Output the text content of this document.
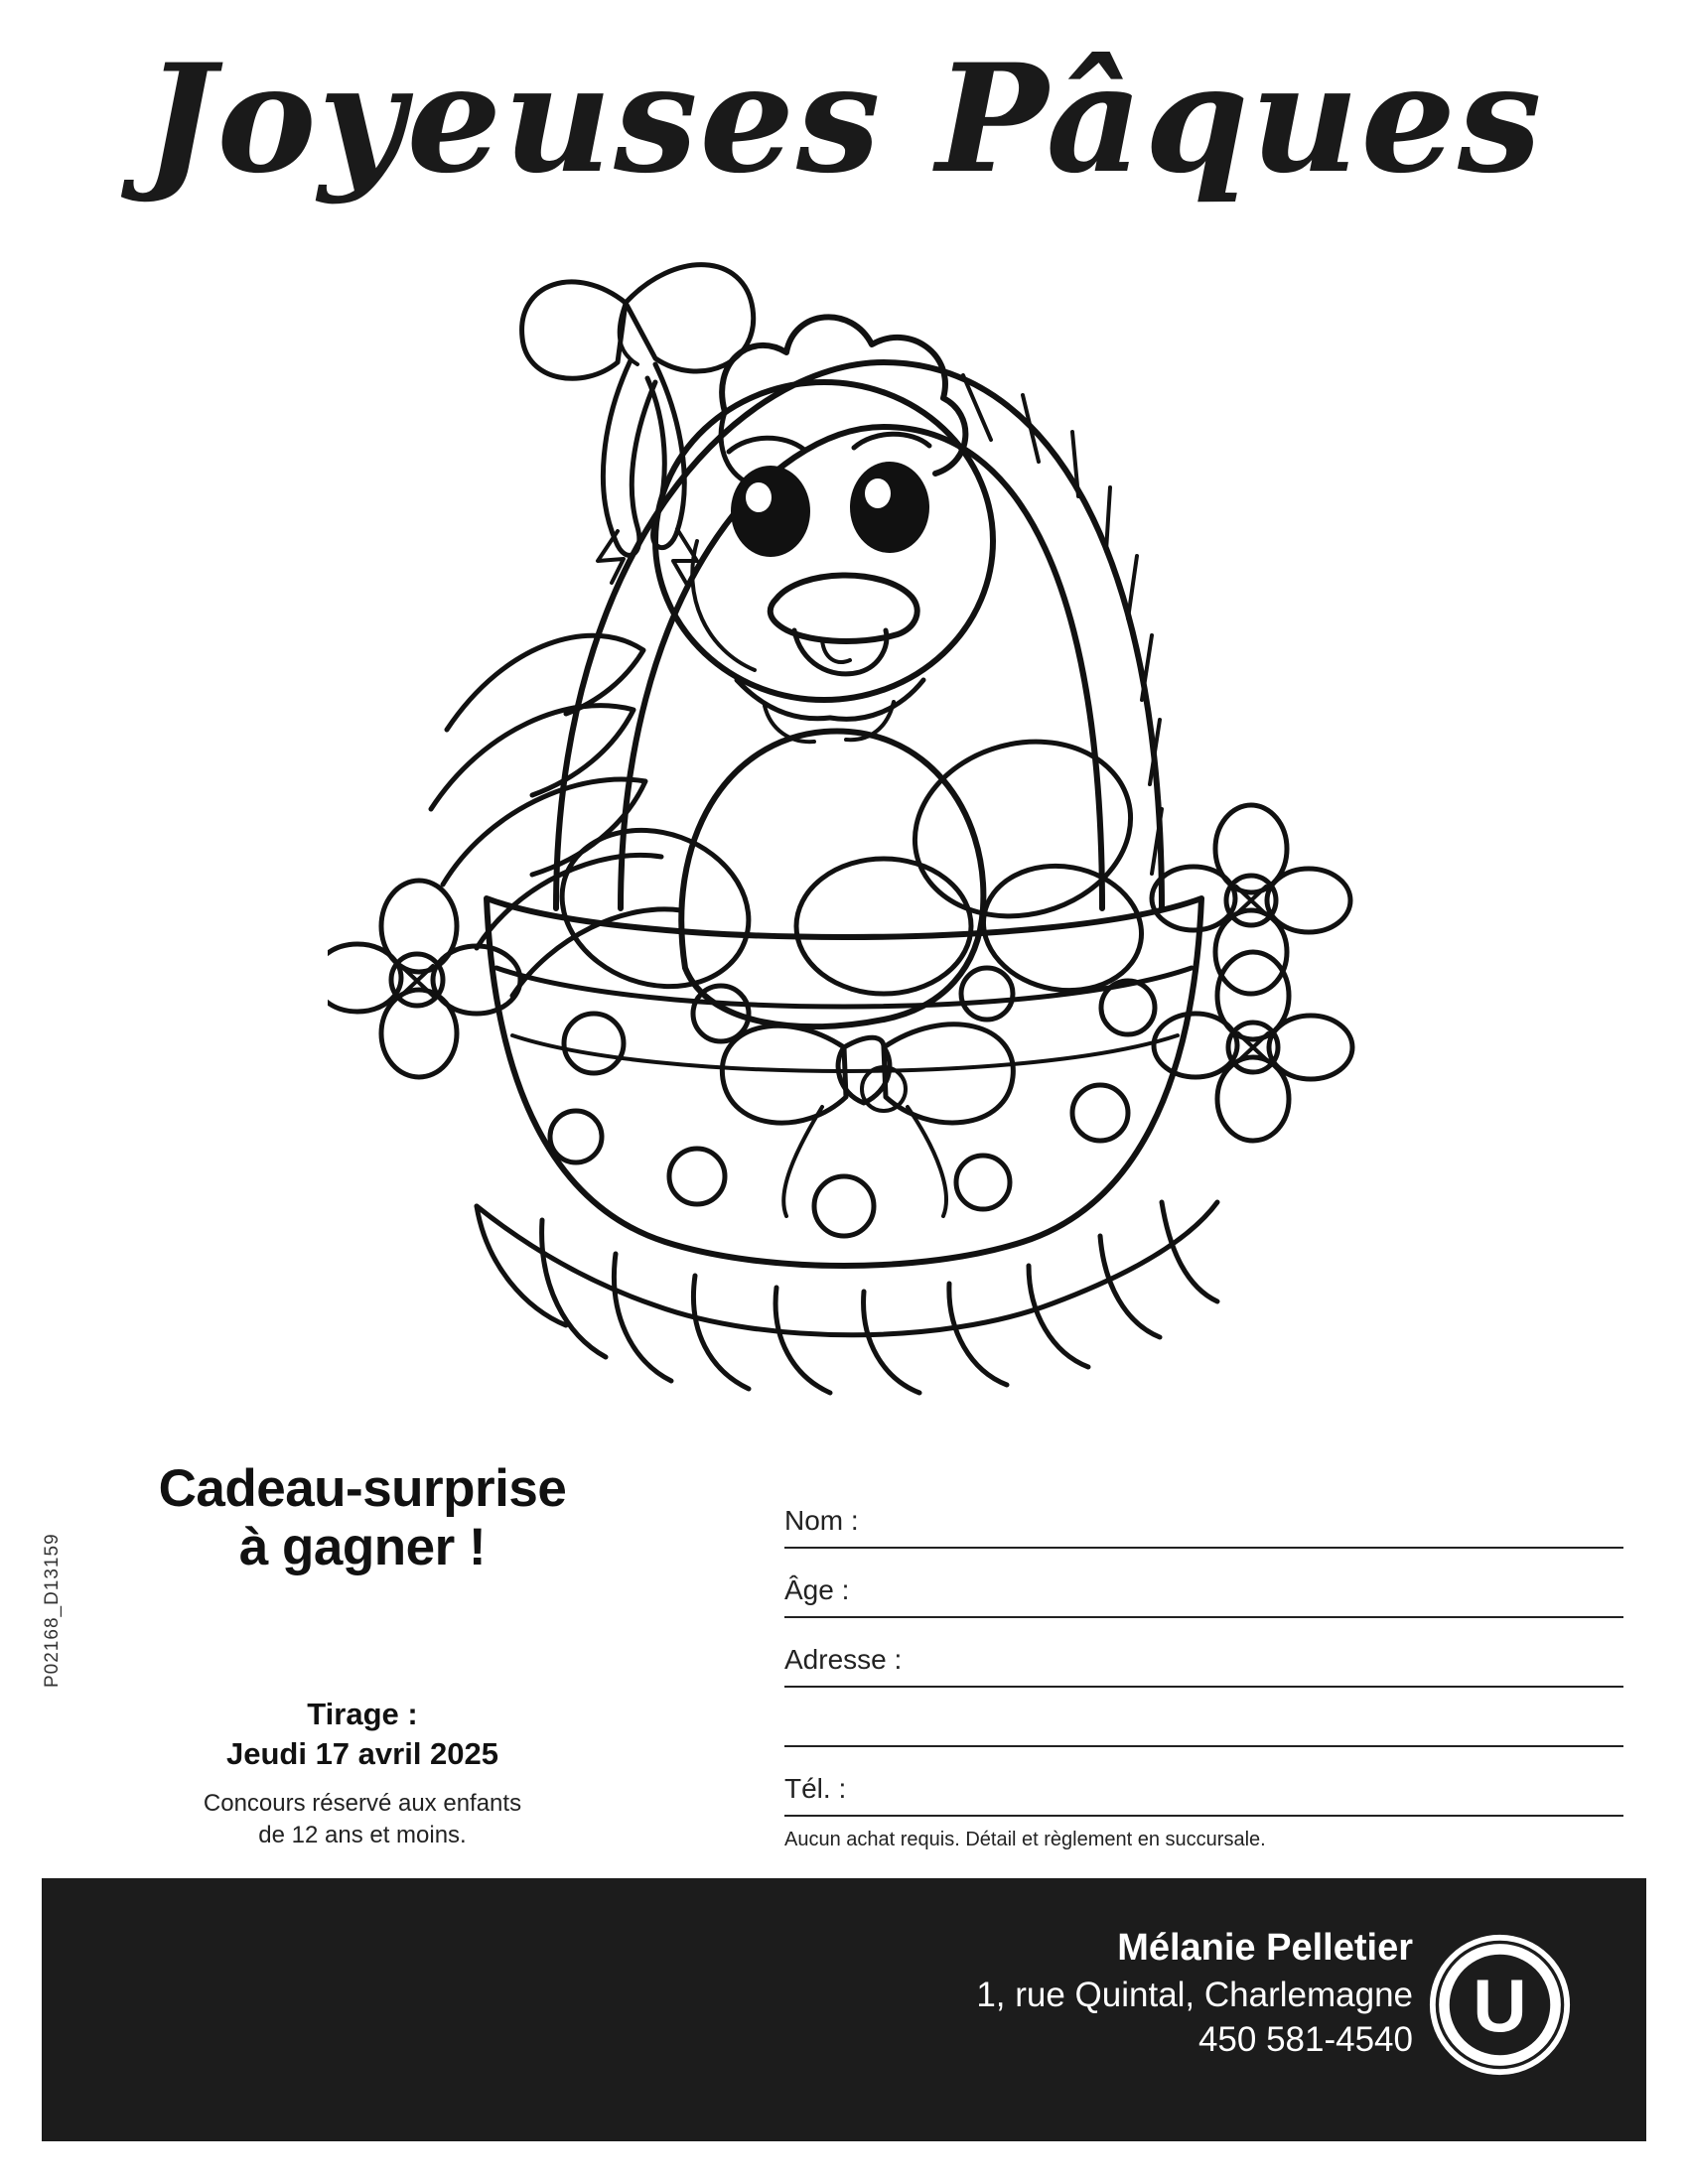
Joyeuses Pâques
Cadeau-surprise
à gagner !
Tirage :
Jeudi 17 avril 2025
Concours réservé aux enfants
de 12 ans et moins.
P02168_D13159
Nom :
Âge :
Adresse :
Tél. :
Aucun achat requis. Détail et règlement en succursale.
Mélanie Pelletier
1, rue Quintal, Charlemagne
450 581-4540 U
